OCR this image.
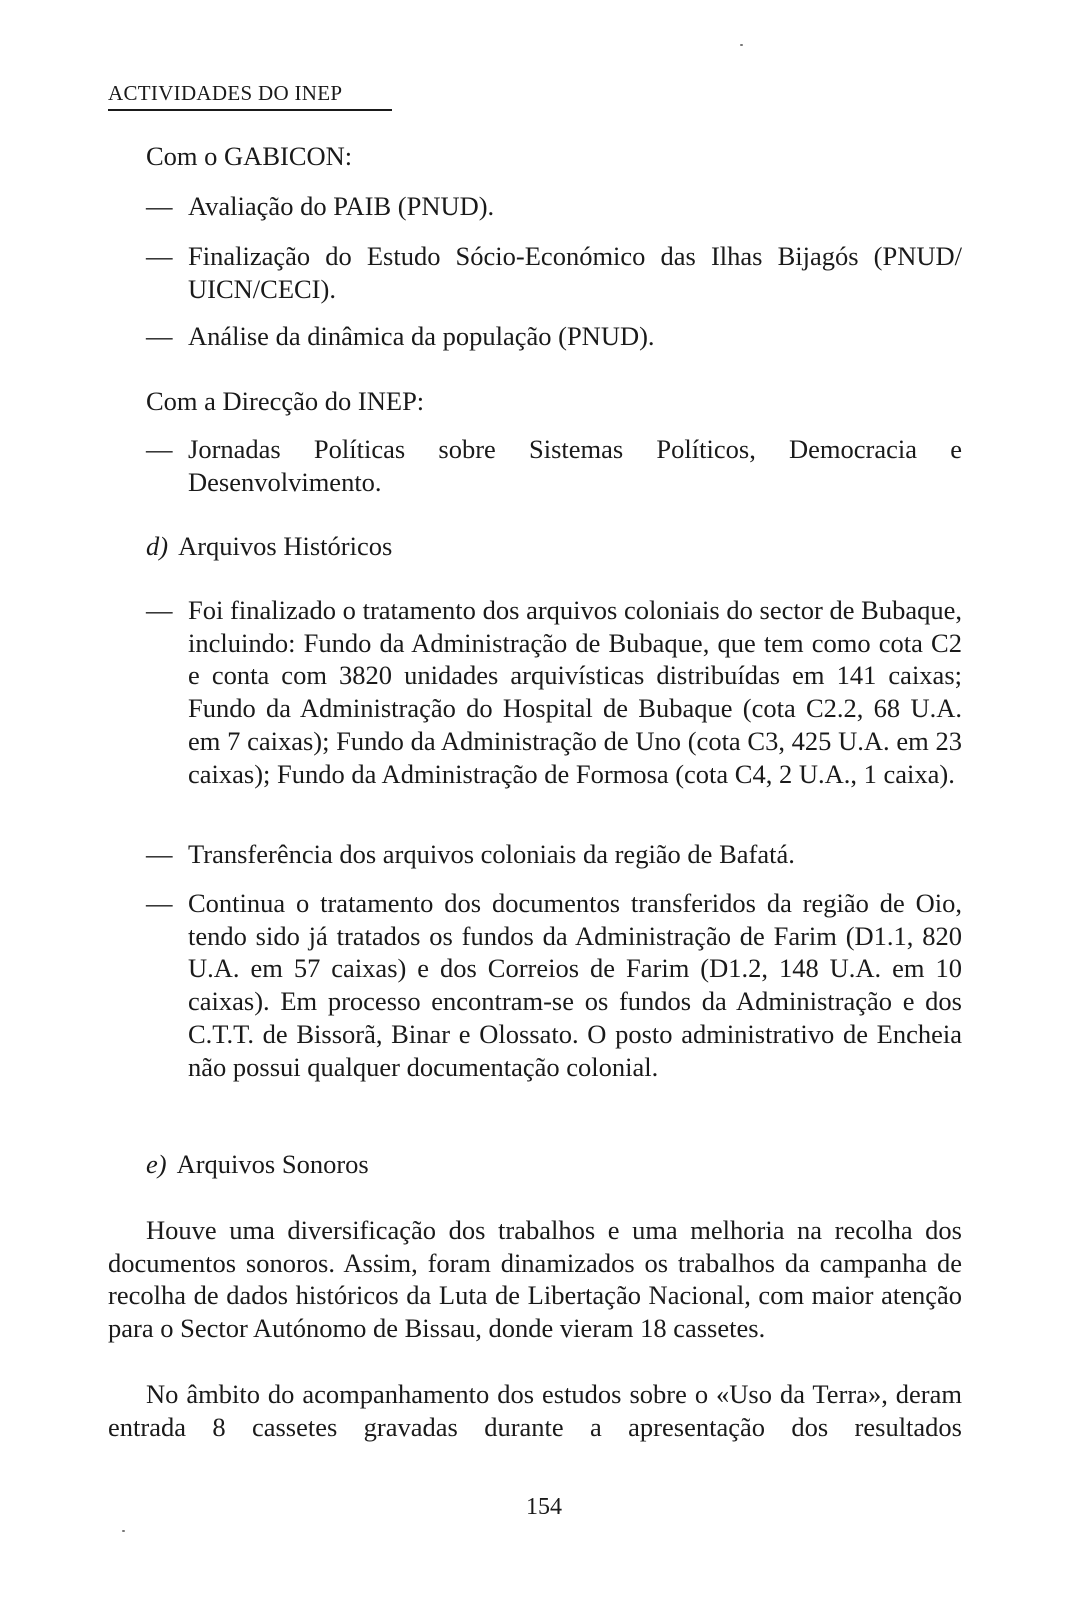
ACTIVIDADES DO INEP
Com o GABICON:
— Avaliação do PAIB (PNUD).
— Finalização do Estudo Sócio-Económico das Ilhas Bijagós (PNUD/ UICN/CECI).
— Análise da dinâmica da população (PNUD).
Com a Direcção do INEP:
— Jornadas Políticas sobre Sistemas Políticos, Democracia e Desenvolvimento.
d) Arquivos Históricos
— Foi finalizado o tratamento dos arquivos coloniais do sector de Bubaque, incluindo: Fundo da Administração de Bubaque, que tem como cota C2 e conta com 3820 unidades arquivísticas distribuídas em 141 caixas; Fundo da Administração do Hospital de Bubaque (cota C2.2, 68 U.A. em 7 caixas); Fundo da Administração de Uno (cota C3, 425 U.A. em 23 caixas); Fundo da Administração de Formosa (cota C4, 2 U.A., 1 caixa).
— Transferência dos arquivos coloniais da região de Bafatá.
— Continua o tratamento dos documentos transferidos da região de Oio, tendo sido já tratados os fundos da Administração de Farim (D1.1, 820 U.A. em 57 caixas) e dos Correios de Farim (D1.2, 148 U.A. em 10 caixas). Em processo encontram-se os fundos da Administração e dos C.T.T. de Bissorã, Binar e Olossato. O posto administrativo de Encheia não possui qualquer documentação colonial.
e) Arquivos Sonoros
Houve uma diversificação dos trabalhos e uma melhoria na recolha dos documentos sonoros. Assim, foram dinamizados os trabalhos da campanha de recolha de dados históricos da Luta de Libertação Nacional, com maior atenção para o Sector Autónomo de Bissau, donde vieram 18 cassetes.
No âmbito do acompanhamento dos estudos sobre o «Uso da Terra», deram entrada 8 cassetes gravadas durante a apresentação dos resultados
154
